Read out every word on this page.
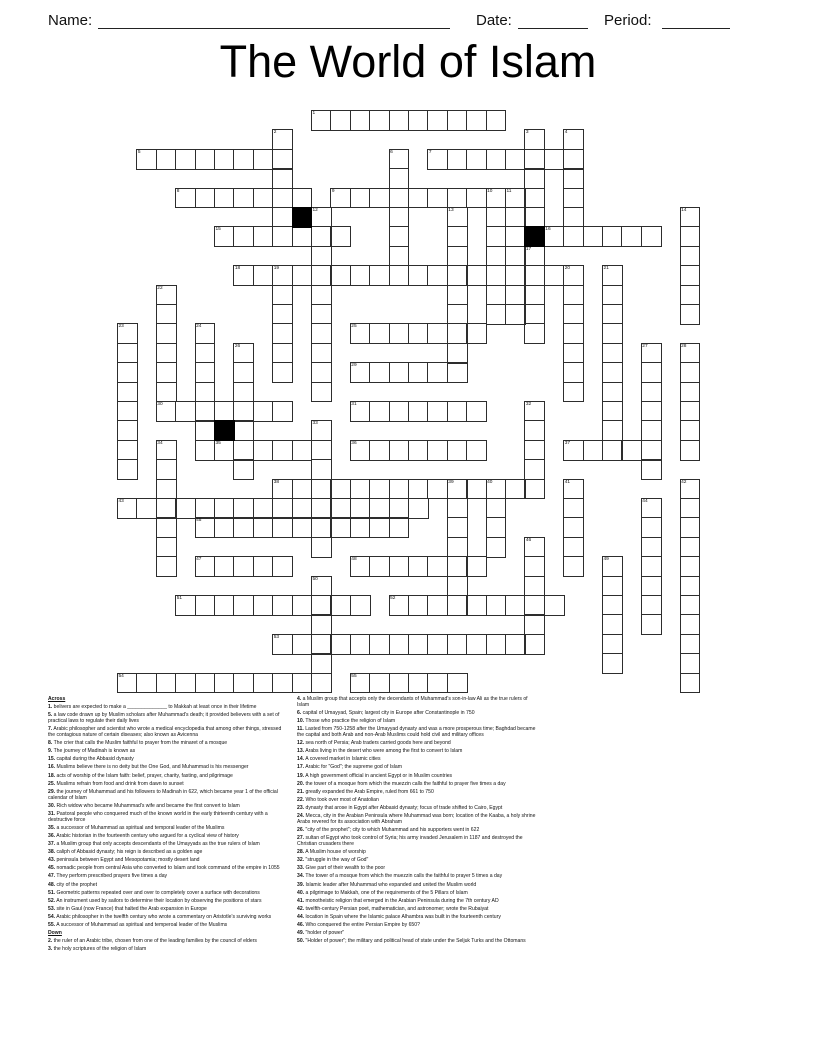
Name:	Date:	Period:
The World of Islam
1
5	7
8	9
15	16
18
25
29
30	31
35	36	37
38
43
45
47	48
51	52
53
54	55
2	3	4
6
10	11
12	13	14
17
19	20	21
22
23	24
26	27	28
32
33
34
39	40	41	42
44
46
49
50
Across
1. belivers are expected to make a ______________ to Makkah at least once in their lifetime
5. a law code drawn up by Muslim scholars after Muhammad's death; it provided believers with a set of practical laws to regulate their daily lives
7. Arabic philosopher and scientist who wrote a medical encyclopedia that among other things, stressed the contagious nature of certain diseases; also known as Avicenna
8. The crier that calls the Muslim faithful to prayer from the minaret of a mosque
9. The journey of Madinah is known as
15. capital during the Abbasid dynasty
16. Muslims believe there is no deity but the One God, and Muhammad is his messenger
18. acts of worship of the Islam faith: belief, prayer, charity, fasting, and pilgrimage
25. Muslims refrain from food and drink from dawn to sunset
29. the journey of Muhammad and his followers to Madinah in 622, which became year 1 of the official calendar of Islam
30. Rich widow who became Muhammad's wife and became the first convert to Islam
31. Pastoral people who conquered much of the known world in the early thirteenth century with a destructive force
35. a successor of Muhammad as spiritual and temporal leader of the Muslims
36. Arabic historian in the fourteenth century who argued for a cyclical view of history
37. a Muslim group that only accepts descendants of the Umayyads as the true rulers of Islam
38. caliph of Abbasid dynasty; his reign is described as a golden age
43. peninsula between Egypt and Mesopotamia; mostly desert land
45. nomadic people from central Asia who converted to Islam and took command of the empire in 1055
47. They perform prescribed prayers five times a day
48. city of the prophet
51. Geometric patterns repeated over and over to completely cover a surface with decorations
52. An instrument used by sailors to determine their location by observing the positions of stars
53. site in Gaul (now France) that halted the Arab expansion in Europe
54. Arabic philosopher in the twelfth century who wrote a commentary on Aristotle's surviving works
55. A successor of Muhammad as spiritual and temperoal leader of the Muslims
Down
2. the ruler of an Arabic tribe, chosen from one of the leading families by the council of elders
3. the holy scriptures of the religion of Islam
4. a Muslim group that accepts only the decendants of Muhammad's son-in-law Ali as the true rulers of Islam
6. capital of Umayyad, Spain; largest city in Europe after Constantinople in 750
10. Those who practice the religion of Islam
11. Lasted from 750-1258 after the Umayyad dynasty and was a more prosperous time; Baghdad became the capital and both Arab and non-Arab Muslims could hold civil and military offices
12. sea north of Persia; Arab traders carried goods here and beyond
13. Arabs living in the desert who were among the first to convert to Islam
14. A covered market in Islamic cities
17. Arabic for "God"; the supreme god of Islam
19. A high government official in ancient Egypt or in Muslim countries
20. the tower of a mosque from which the muezzin calls the faithful to prayer five times a day
21. greatly expanded the Arab Empire, ruled from 661 to 750
22. Who took over most of Anatolian
23. dynasty that arose in Egypt after Abbasid dynasty; focus of trade shifted to Cairo, Egypt
24. Mecca, city in the Arabian Peninsula where Muhammad was born; location of the Kaaba, a holy shrine Arabs revered for its association with Abraham
26. "city of the prophet"; city to which Muhammad and his supporters went in 622
27. sultan of Egypt who took control of Syria; his army invaded Jerusalem in 1187 and destroyed the Christian crusaders there
28. A Muslim house of worship
32. "struggle in the way of God"
33. Give part of their wealth to the poor
34. The tower of a mosque from which the muezzin calls the faithful to prayer 5 times a day
39. Islamic leader after Muhammad who expanded and united the Muslim world
40. a pilgrimage to Makkah, one of the requirements of the 5 Pillars of Islam
41. monotheistic religion that emerged in the Arabian Peninsula during the 7th century AD
42. twelfth-century Persian poet, mathematician, and astronomer; wrote the Rubaiyat
44. location in Spain where the Islamic palace Alhambra was built in the fourteenth century
46. Who conquered the entire Persian Empire by 650?
49. "holder of power"
50. "Holder of power"; the military and political head of state under the Seljuk Turks and the Ottomans
